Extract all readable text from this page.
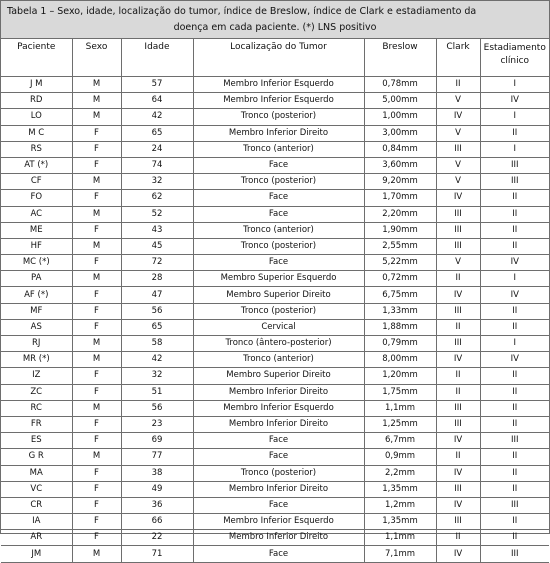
Tabela 1 – Sexo, idade, localização do tumor, índice de Breslow, índice de Clark e estadiamento da
doença em cada paciente. (*) LNS positivo
Paciente	Sexo	Idade	Localização do Tumor	Breslow	Clark	Estadiamento
clínico
J M	M	57	Membro Inferior Esquerdo	0,78mm	II	I
RD	M	64	Membro Inferior Esquerdo	5,00mm	V	IV
LO	M	42	Tronco (posterior)	1,00mm	IV	I
M C	F	65	Membro Inferior Direito	3,00mm	V	II
RS	F	24	Tronco (anterior)	0,84mm	III	I
AT (*)	F	74	Face	3,60mm	V	III
CF	M	32	Tronco (posterior)	9,20mm	V	III
FO	F	62	Face	1,70mm	IV	II
AC	M	52	Face	2,20mm	III	II
ME	F	43	Tronco (anterior)	1,90mm	III	II
HF	M	45	Tronco (posterior)	2,55mm	III	II
MC (*)	F	72	Face	5,22mm	V	IV
PA	M	28	Membro Superior Esquerdo	0,72mm	II	I
AF (*)	F	47	Membro Superior Direito	6,75mm	IV	IV
MF	F	56	Tronco (posterior)	1,33mm	III	II
AS	F	65	Cervical	1,88mm	II	II
RJ	M	58	Tronco (ântero-posterior)	0,79mm	III	I
MR (*)	M	42	Tronco (anterior)	8,00mm	IV	IV
IZ	F	32	Membro Superior Direito	1,20mm	II	II
ZC	F	51	Membro Inferior Direito	1,75mm	II	II
RC	M	56	Membro Inferior Esquerdo	1,1mm	III	II
FR	F	23	Membro Inferior Direito	1,25mm	III	II
ES	F	69	Face	6,7mm	IV	III
G R	M	77	Face	0,9mm	II	II
MA	F	38	Tronco (posterior)	2,2mm	IV	II
VC	F	49	Membro Inferior Direito	1,35mm	III	II
CR	F	36	Face	1,2mm	IV	III
IA	F	66	Membro Inferior Esquerdo	1,35mm	III	II
AR	F	22	Membro Inferior Direito	1,1mm	II	II
JM	M	71	Face	7,1mm	IV	III
